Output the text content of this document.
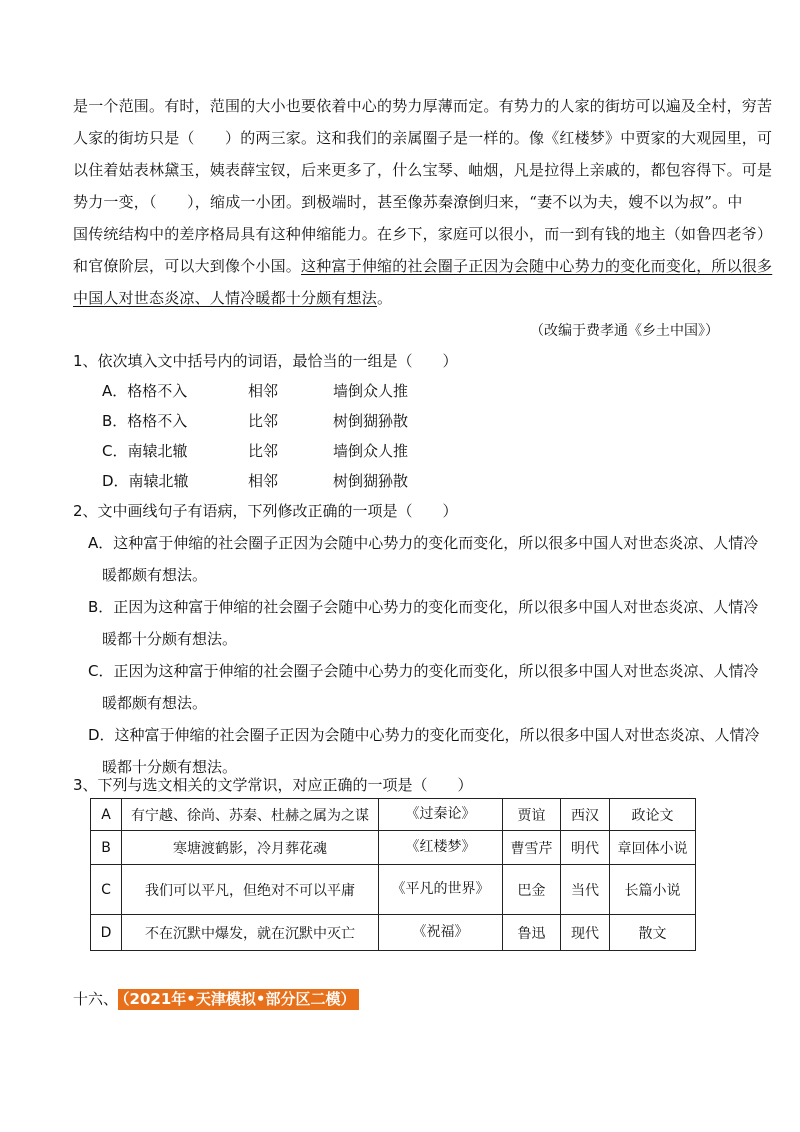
是一个范围。有时，范围的大小也要依着中心的势力厚薄而定。有势力的人家的街坊可以遍及全村，穷苦
人家的街坊只是（　　）的两三家。这和我们的亲属圈子是一样的。像《红楼梦》中贾家的大观园里，可
以住着姑表林黛玉，姨表薛宝钗，后来更多了，什么宝琴、岫烟，凡是拉得上亲戚的，都包容得下。可是
势力一变，（　　），缩成一小团。到极端时，甚至像苏秦潦倒归来，“妻不以为夫，嫂不以为叔”。中
国传统结构中的差序格局具有这种伸缩能力。在乡下，家庭可以很小，而一到有钱的地主（如鲁四老爷）
和官僚阶层，可以大到像个小国。这种富于伸缩的社会圈子正因为会随中心势力的变化而变化，所以很多
中国人对世态炎凉、人情冷暖都十分颇有想法。
（改编于费孝通《乡土中国》）
1、依次填入文中括号内的词语，最恰当的一组是（　　）
A．格格不入	相邻	墙倒众人推
B．格格不入	比邻	树倒猢狲散
C．南辕北辙	比邻	墙倒众人推
D．南辕北辙	相邻	树倒猢狲散
2、文中画线句子有语病，下列修改正确的一项是（　　）
A．这种富于伸缩的社会圈子正因为会随中心势力的变化而变化，所以很多中国人对世态炎凉、人情冷
暖都颇有想法。
B．正因为这种富于伸缩的社会圈子会随中心势力的变化而变化，所以很多中国人对世态炎凉、人情冷
暖都十分颇有想法。
C．正因为这种富于伸缩的社会圈子会随中心势力的变化而变化，所以很多中国人对世态炎凉、人情冷
暖都颇有想法。
D．这种富于伸缩的社会圈子正因为会随中心势力的变化而变化，所以很多中国人对世态炎凉、人情冷
暖都十分颇有想法。
3、下列与选文相关的文学常识，对应正确的一项是（　　）
A	有宁越、徐尚、苏秦、杜赫之属为之谋	《过秦论》	贾谊	西汉	政论文
B	寒塘渡鹤影，冷月葬花魂	《红楼梦》	曹雪芹	明代	章回体小说
C	我们可以平凡，但绝对不可以平庸	《平凡的世界》	巴金	当代	长篇小说
D	不在沉默中爆发，就在沉默中灭亡	《祝福》	鲁迅	现代	散文
十六、 （2021年•天津模拟•部分区二模）
